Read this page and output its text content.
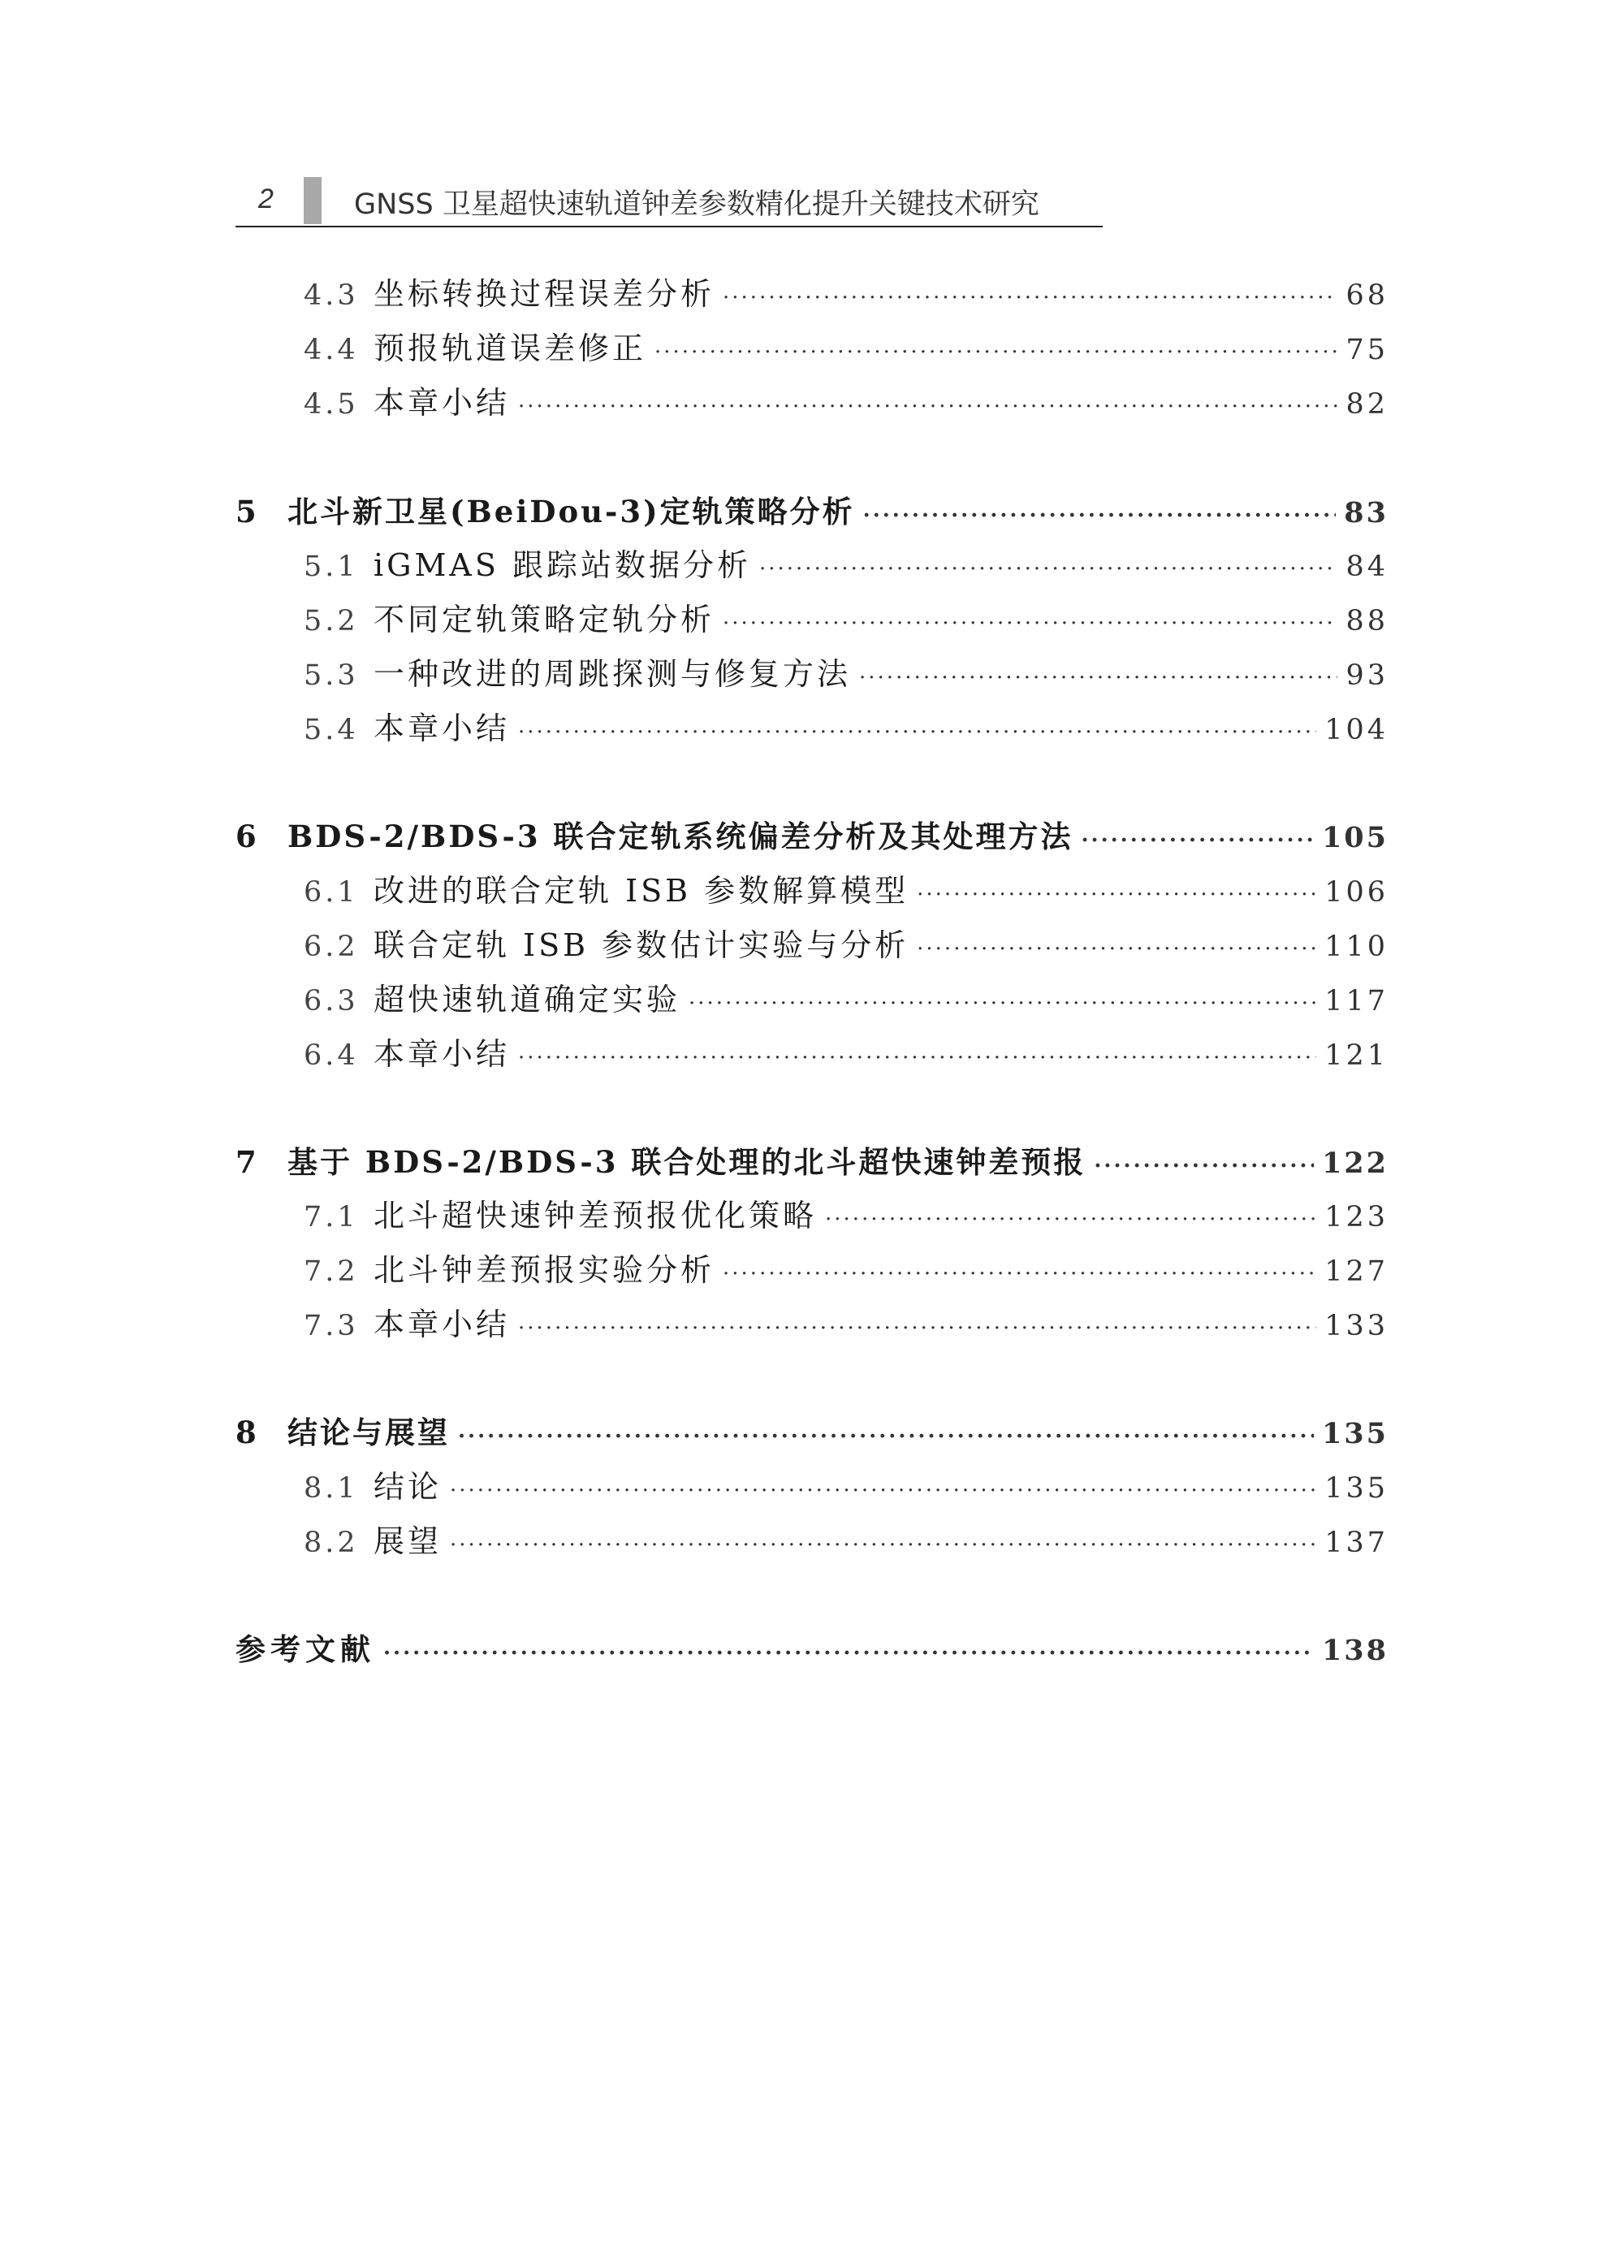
2	GNSS 卫星超快速轨道钟差参数精化提升关键技术研究
4.3 坐标转换过程误差分析 ·····	68
4.4 预报轨道误差修正 ·····	75
4.5 本章小结 ·····	82
5 北斗新卫星(BeiDou-3)定轨策略分析 ·····	83
5.1 iGMAS 跟踪站数据分析 ·····	84
5.2 不同定轨策略定轨分析 ·····	88
5.3 一种改进的周跳探测与修复方法 ·····	93
5.4 本章小结 ·····	104
6 BDS-2/BDS-3 联合定轨系统偏差分析及其处理方法 ·····	105
6.1 改进的联合定轨 ISB 参数解算模型 ·····	106
6.2 联合定轨 ISB 参数估计实验与分析 ·····	110
6.3 超快速轨道确定实验 ·····	117
6.4 本章小结 ·····	121
7 基于 BDS-2/BDS-3 联合处理的北斗超快速钟差预报 ·····	122
7.1 北斗超快速钟差预报优化策略 ·····	123
7.2 北斗钟差预报实验分析 ·····	127
7.3 本章小结 ·····	133
8 结论与展望 ·····	135
8.1 结论 ·····	135
8.2 展望 ·····	137
参考文献 ·····	138
